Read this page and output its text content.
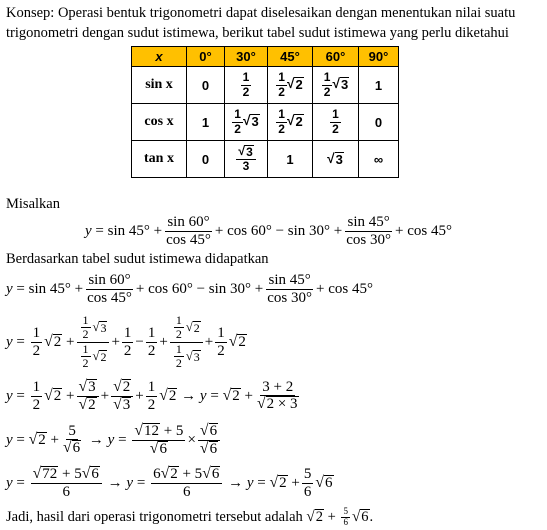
Konsep: Operasi bentuk trigonometri dapat diselesaikan dengan menentukan nilai suatu
trigonometri dengan sudut istimewa, berikut tabel sudut istimewa yang perlu diketahui
x	0°	30°	45°	60°	90°
sin x	0	$\frac{1}{2}$	$\frac{1}{2}$ √ 2	$\frac{1}{2}$ √ 3	1
cos x	1	$\frac{1}{2}$ √ 3	$\frac{1}{2}$ √ 2	$\frac{1}{2}$	0
tan x	0	$\frac{√ 3}{3}$	1	√ 3	∞
Misalkan
$y = \sin 45^\circ + \frac{\sin 60^\circ}{\cos 45^\circ} + \cos 60^\circ - \sin 30^\circ + \frac{\sin 45^\circ}{\cos 30^\circ} + \cos 45^\circ$
Berdasarkan tabel sudut istimewa didapatkan
$y = \sin 45^\circ + \frac{\sin 60^\circ}{\cos 45^\circ} + \cos 60^\circ - \sin 30^\circ + \frac{\sin 45^\circ}{\cos 30^\circ} + \cos 45^\circ$
$y = \frac{1}{2}$ √ $2 + \frac{\frac{1}{2} √ 3}{\frac{1}{2} √ 2} + \frac{1}{2} - \frac{1}{2} + \frac{\frac{1}{2} √ 2}{\frac{1}{2} √ 3} + \frac{1}{2}$ √ 2
$y = \frac{1}{2}$ √ $2 + \frac{√ 3}{√ 2} + \frac{√ 2}{√ 3} + \frac{1}{2}$ √ 2 → y = √ $2 + \frac{3 + 2}{√ 2 \times 3}$
y = √ $2 + \frac{5}{√ 6} \to y = \frac{√ 12 + 5}{√ 6} \times \frac{√ 6}{√ 6}$
$y = \frac{√ 72 + 5 √ 6}{6} \to y = \frac{6 √ 2 + 5 √ 6}{6} \to y$ = √ $2 + \frac{5}{6}$ √ 6
Jadi, hasil dari operasi trigonometri tersebut adalah
√ $2 + \frac{5}{6}$ √ 6 .
